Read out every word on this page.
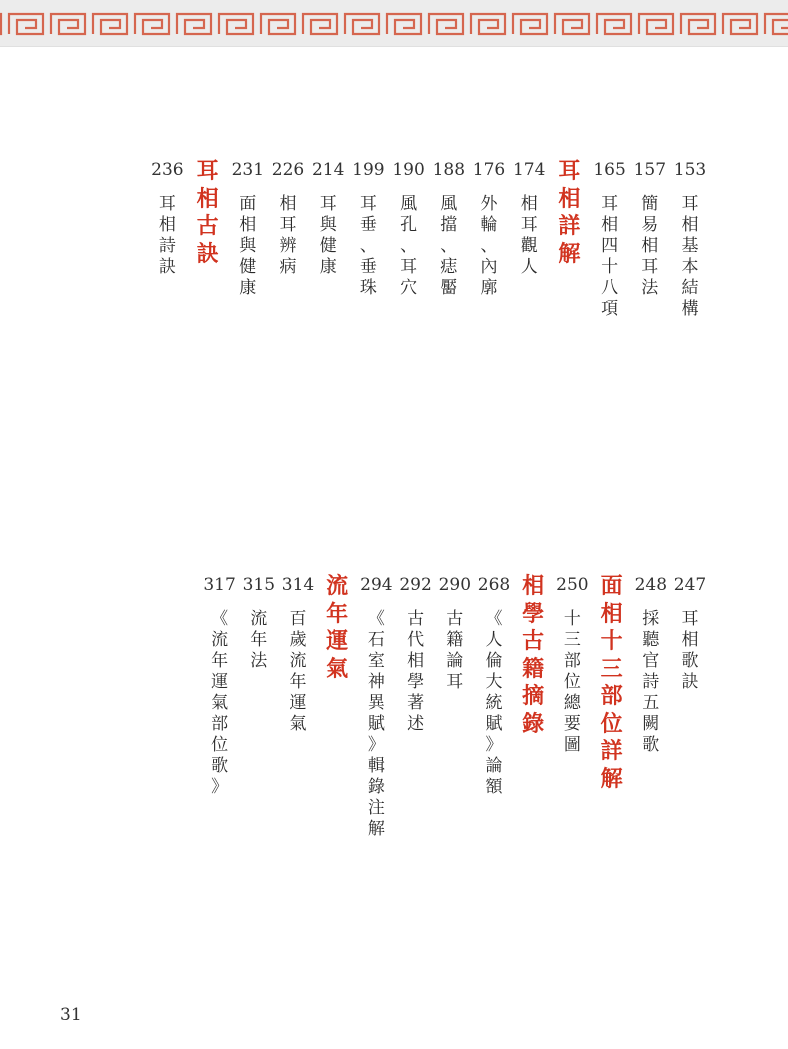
153
耳
相
基
本
結
構
157
簡
易
相
耳
法
165
耳
相
四
十
八
項
耳
相
詳
解
174
相
耳
觀
人
176
外
輪
、
內
廓
188
風
擋
、
痣
靨
190
風
孔
、
耳
穴
199
耳
垂
、
垂
珠
214
耳
與
健
康
226
相
耳
辨
病
231
面
相
與
健
康
耳
相
古
訣
236
耳
相
詩
訣
247
耳
相
歌
訣
248
採
聽
官
詩
五
闕
歌
面
相
十
三
部
位
詳
解
250
十
三
部
位
總
要
圖
相
學
古
籍
摘
錄
268
《
人
倫
大
統
賦
》
論
額
290
古
籍
論
耳
292
古
代
相
學
著
述
294
《
石
室
神
異
賦
》
輯
錄
注
解
流
年
運
氣
314
百
歲
流
年
運
氣
315
流
年
法
317
《
流
年
運
氣
部
位
歌
》
31
